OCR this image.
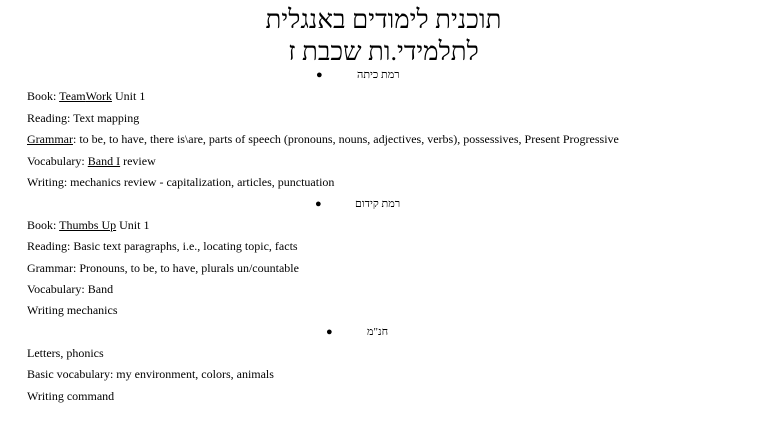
תוכנית לימודים באנגלית
לתלמידי.ות שכבת ז
●	רמת כיתה
Book: TeamWork Unit 1
Reading: Text mapping
Grammar: to be, to have, there is\are, parts of speech (pronouns, nouns, adjectives, verbs), possessives, Present Progressive
Vocabulary: Band I review
Writing: mechanics review - capitalization, articles, punctuation
●	רמת קידום
Book: Thumbs Up Unit 1
Reading: Basic text paragraphs, i.e., locating topic, facts
Grammar: Pronouns, to be, to have, plurals un/countable
Vocabulary: Band
Writing mechanics
●	חנ"מ
Letters, phonics
Basic vocabulary: my environment, colors, animals
Writing command
